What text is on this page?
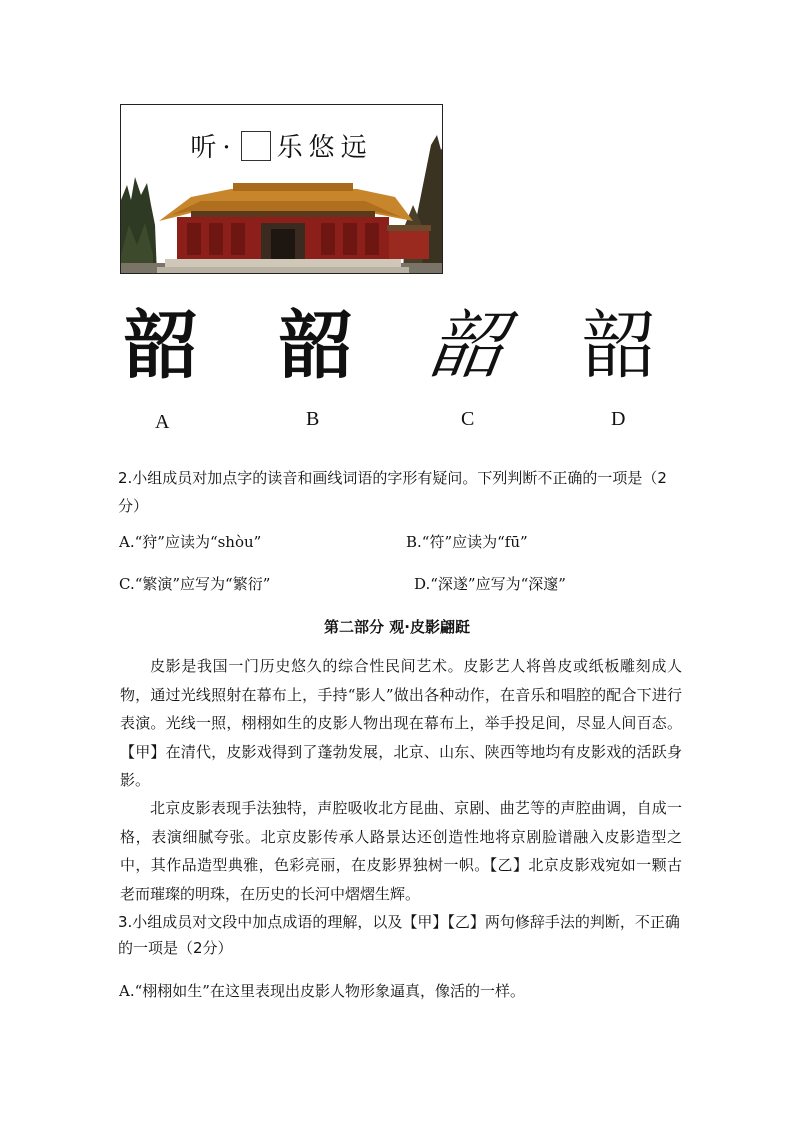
听· 乐悠远
韶 韶 韶 韶
A	B	C	D

2.小组成员对加点字的读音和画线词语的字形有疑问。下列判断不正确的一项是（2分）

A.“狩”应读为“shòu”	B.“符”应读为“fū”
C.“繁演”应写为“繁衍”	D.“深遂”应写为“深邃”
第二部分 观·皮影翩跹

皮影是我国一门历史悠久的综合性民间艺术。皮影艺人将兽皮或纸板雕刻成人物，通过光线照射在幕布上，手持“影人”做出各种动作，在音乐和唱腔的配合下进行表演。光线一照，栩栩如生的皮影人物出现在幕布上，举手投足间，尽显人间百态。【甲】在清代，皮影戏得到了蓬勃发展，北京、山东、陕西等地均有皮影戏的活跃身影。

北京皮影表现手法独特，声腔吸收北方昆曲、京剧、曲艺等的声腔曲调，自成一格，表演细腻夸张。北京皮影传承人路景达还创造性地将京剧脸谱融入皮影造型之中，其作品造型典雅，色彩亮丽，在皮影界独树一帜。【乙】北京皮影戏宛如一颗古老而璀璨的明珠，在历史的长河中熠熠生辉。

3.小组成员对文段中加点成语的理解，以及【甲】【乙】两句修辞手法的判断，不正确的一项是（2分）

A.“栩栩如生”在这里表现出皮影人物形象逼真，像活的一样。
